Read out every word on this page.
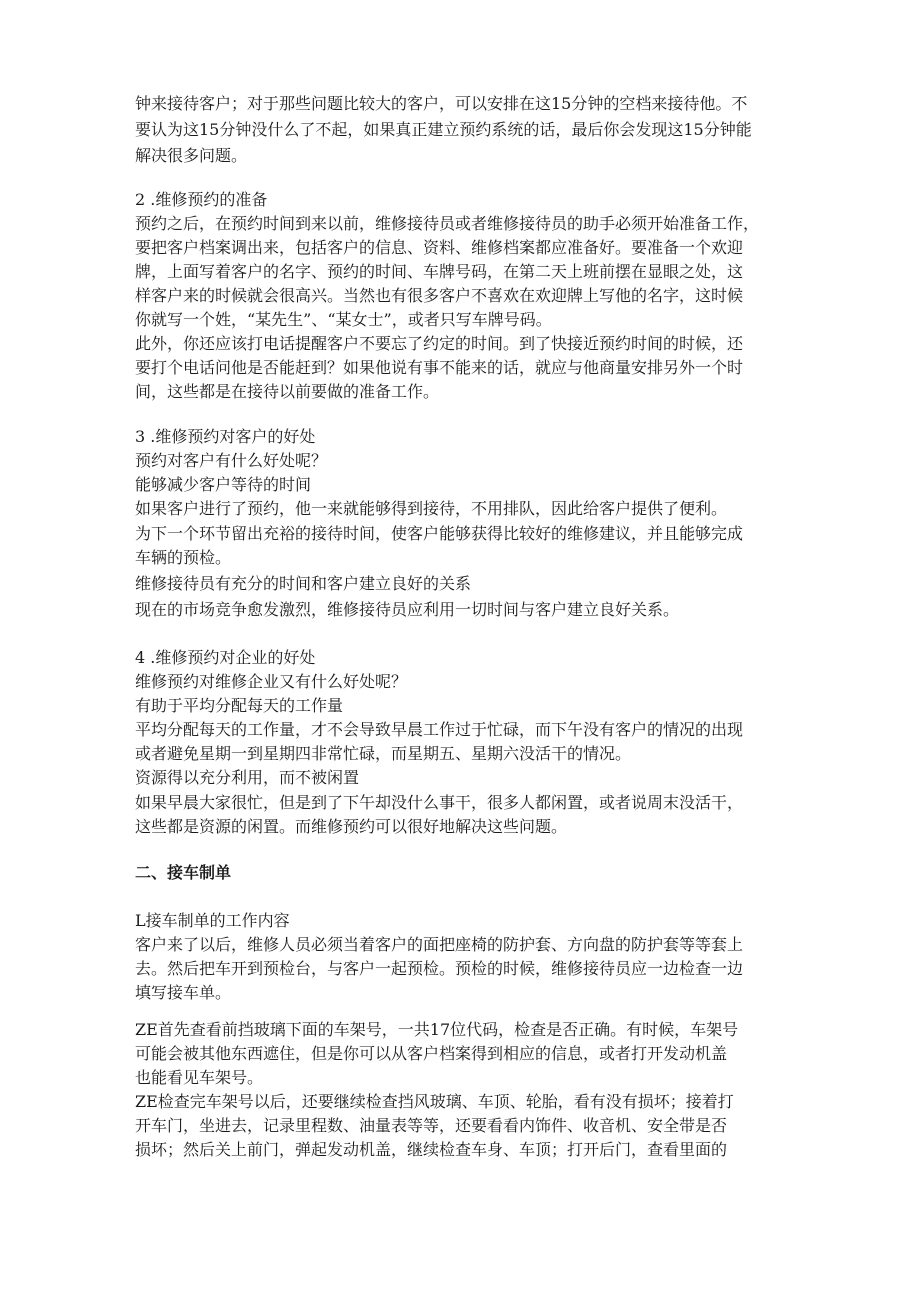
钟来接待客户；对于那些问题比较大的客户，可以安排在这15分钟的空档来接待他。不
要认为这15分钟没什么了不起，如果真正建立预约系统的话，最后你会发现这15分钟能
解决很多问题。
2 .维修预约的准备
预约之后，在预约时间到来以前，维修接待员或者维修接待员的助手必须开始准备工作，
要把客户档案调出来，包括客户的信息、资料、维修档案都应准备好。要准备一个欢迎
牌，上面写着客户的名字、预约的时间、车牌号码，在第二天上班前摆在显眼之处，这
样客户来的时候就会很高兴。当然也有很多客户不喜欢在欢迎牌上写他的名字，这时候
你就写一个姓，“某先生”、“某女士”，或者只写车牌号码。
此外，你还应该打电话提醒客户不要忘了约定的时间。到了快接近预约时间的时候，还
要打个电话问他是否能赶到？如果他说有事不能来的话，就应与他商量安排另外一个时
间，这些都是在接待以前要做的准备工作。
3 .维修预约对客户的好处
预约对客户有什么好处呢？
能够减少客户等待的时间
如果客户进行了预约，他一来就能够得到接待，不用排队，因此给客户提供了便利。
为下一个环节留出充裕的接待时间，使客户能够获得比较好的维修建议，并且能够完成
车辆的预检。
维修接待员有充分的时间和客户建立良好的关系
现在的市场竞争愈发激烈，维修接待员应利用一切时间与客户建立良好关系。
4 .维修预约对企业的好处
维修预约对维修企业又有什么好处呢？
有助于平均分配每天的工作量
平均分配每天的工作量，才不会导致早晨工作过于忙碌，而下午没有客户的情况的出现
或者避免星期一到星期四非常忙碌，而星期五、星期六没活干的情况。
资源得以充分利用，而不被闲置
如果早晨大家很忙，但是到了下午却没什么事干，很多人都闲置，或者说周末没活干，
这些都是资源的闲置。而维修预约可以很好地解决这些问题。
二、接车制单
L接车制单的工作内容
客户来了以后，维修人员必须当着客户的面把座椅的防护套、方向盘的防护套等等套上
去。然后把车开到预检台，与客户一起预检。预检的时候，维修接待员应一边检查一边
填写接车单。
ZE首先查看前挡玻璃下面的车架号，一共17位代码，检查是否正确。有时候，车架号
可能会被其他东西遮住，但是你可以从客户档案得到相应的信息，或者打开发动机盖
也能看见车架号。
ZE检查完车架号以后，还要继续检查挡风玻璃、车顶、轮胎，看有没有损坏；接着打
开车门，坐进去，记录里程数、油量表等等，还要看看内饰件、收音机、安全带是否
损坏；然后关上前门，弹起发动机盖，继续检查车身、车顶；打开后门，查看里面的
